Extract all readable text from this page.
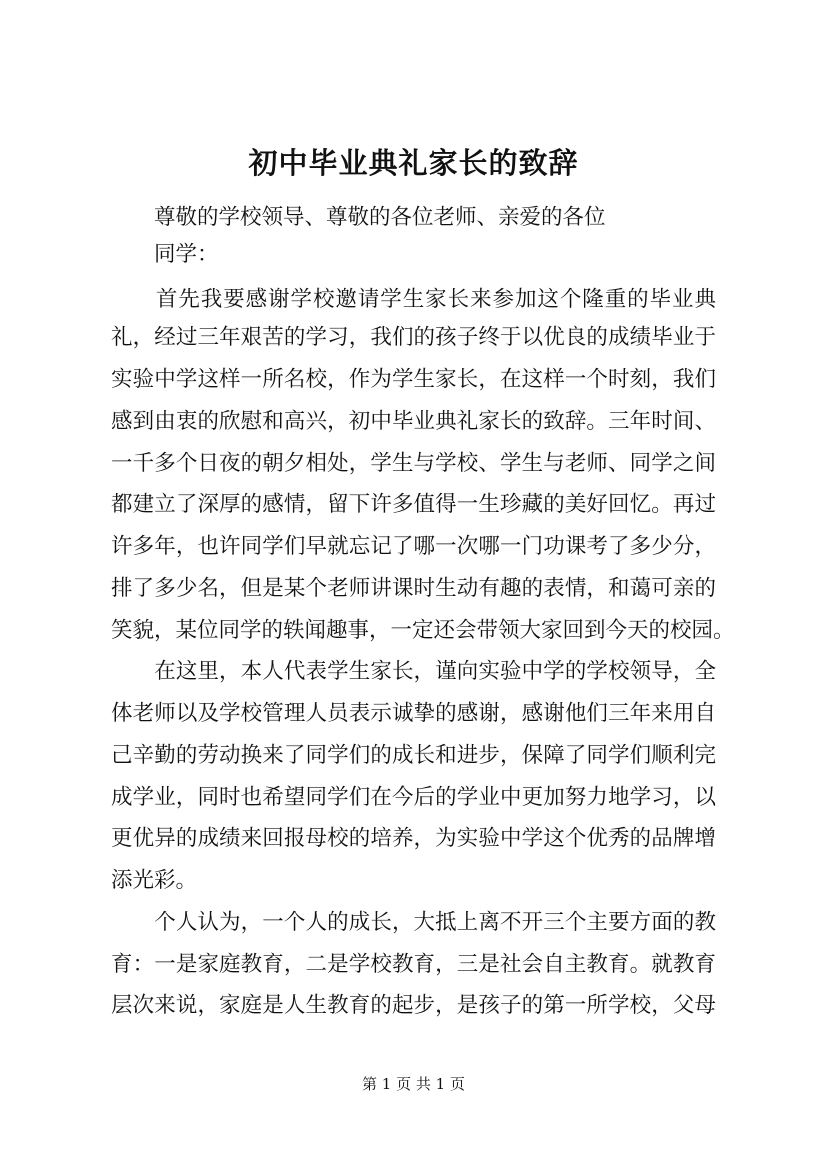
初中毕业典礼家长的致辞
　　尊敬的学校领导、尊敬的各位老师、亲爱的各位
　　同学：
　　首先我要感谢学校邀请学生家长来参加这个隆重的毕业典
礼，经过三年艰苦的学习，我们的孩子终于以优良的成绩毕业于
实验中学这样一所名校，作为学生家长，在这样一个时刻，我们
感到由衷的欣慰和高兴，初中毕业典礼家长的致辞。三年时间、
一千多个日夜的朝夕相处，学生与学校、学生与老师、同学之间
都建立了深厚的感情，留下许多值得一生珍藏的美好回忆。再过
许多年，也许同学们早就忘记了哪一次哪一门功课考了多少分，
排了多少名，但是某个老师讲课时生动有趣的表情，和蔼可亲的
笑貌，某位同学的轶闻趣事，一定还会带领大家回到今天的校园。
　　在这里，本人代表学生家长，谨向实验中学的学校领导，全
体老师以及学校管理人员表示诚挚的感谢，感谢他们三年来用自
己辛勤的劳动换来了同学们的成长和进步，保障了同学们顺利完
成学业，同时也希望同学们在今后的学业中更加努力地学习，以
更优异的成绩来回报母校的培养，为实验中学这个优秀的品牌增
添光彩。
　　个人认为，一个人的成长，大抵上离不开三个主要方面的教
育：一是家庭教育，二是学校教育，三是社会自主教育。就教育
层次来说，家庭是人生教育的起步，是孩子的第一所学校，父母
第 1 页 共 1 页
